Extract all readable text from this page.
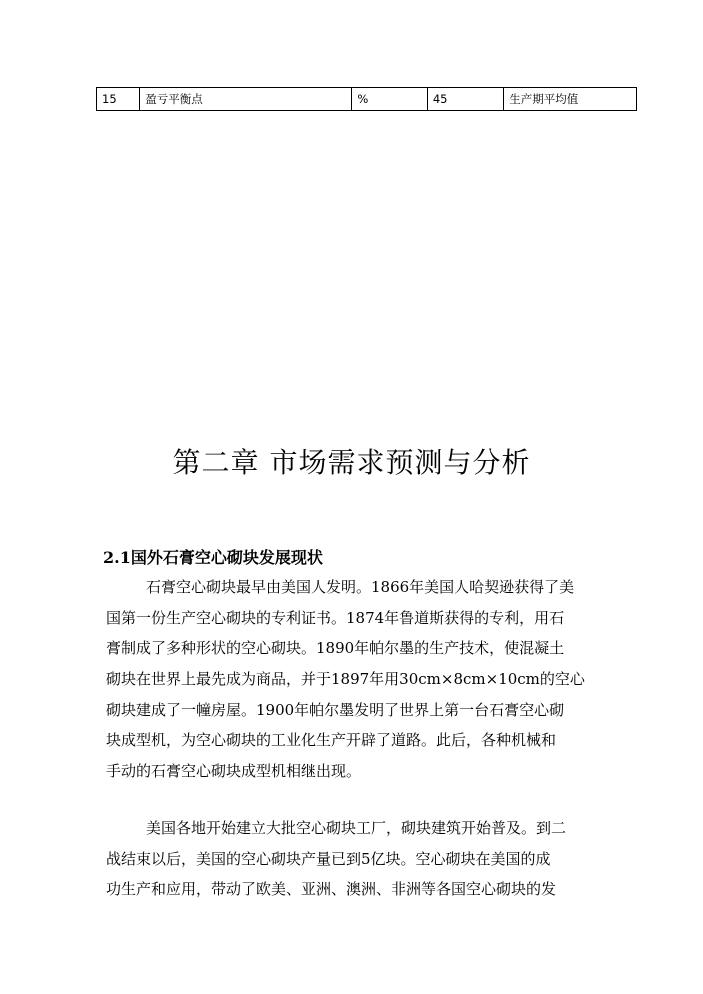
15	盈亏平衡点	%	45	生产期平均值
第二章 市场需求预测与分析
2.1国外石膏空心砌块发展现状
石膏空心砌块最早由美国人发明。1866年美国人哈契逊获得了美
国第一份生产空心砌块的专利证书。1874年鲁道斯获得的专利，用石
膏制成了多种形状的空心砌块。1890年帕尔墨的生产技术，使混凝土
砌块在世界上最先成为商品，并于1897年用30cm×8cm×10cm的空心
砌块建成了一幢房屋。1900年帕尔墨发明了世界上第一台石膏空心砌
块成型机，为空心砌块的工业化生产开辟了道路。此后，各种机械和
手动的石膏空心砌块成型机相继出现。
美国各地开始建立大批空心砌块工厂，砌块建筑开始普及。到二
战结束以后，美国的空心砌块产量已到5亿块。空心砌块在美国的成
功生产和应用，带动了欧美、亚洲、澳洲、非洲等各国空心砌块的发
